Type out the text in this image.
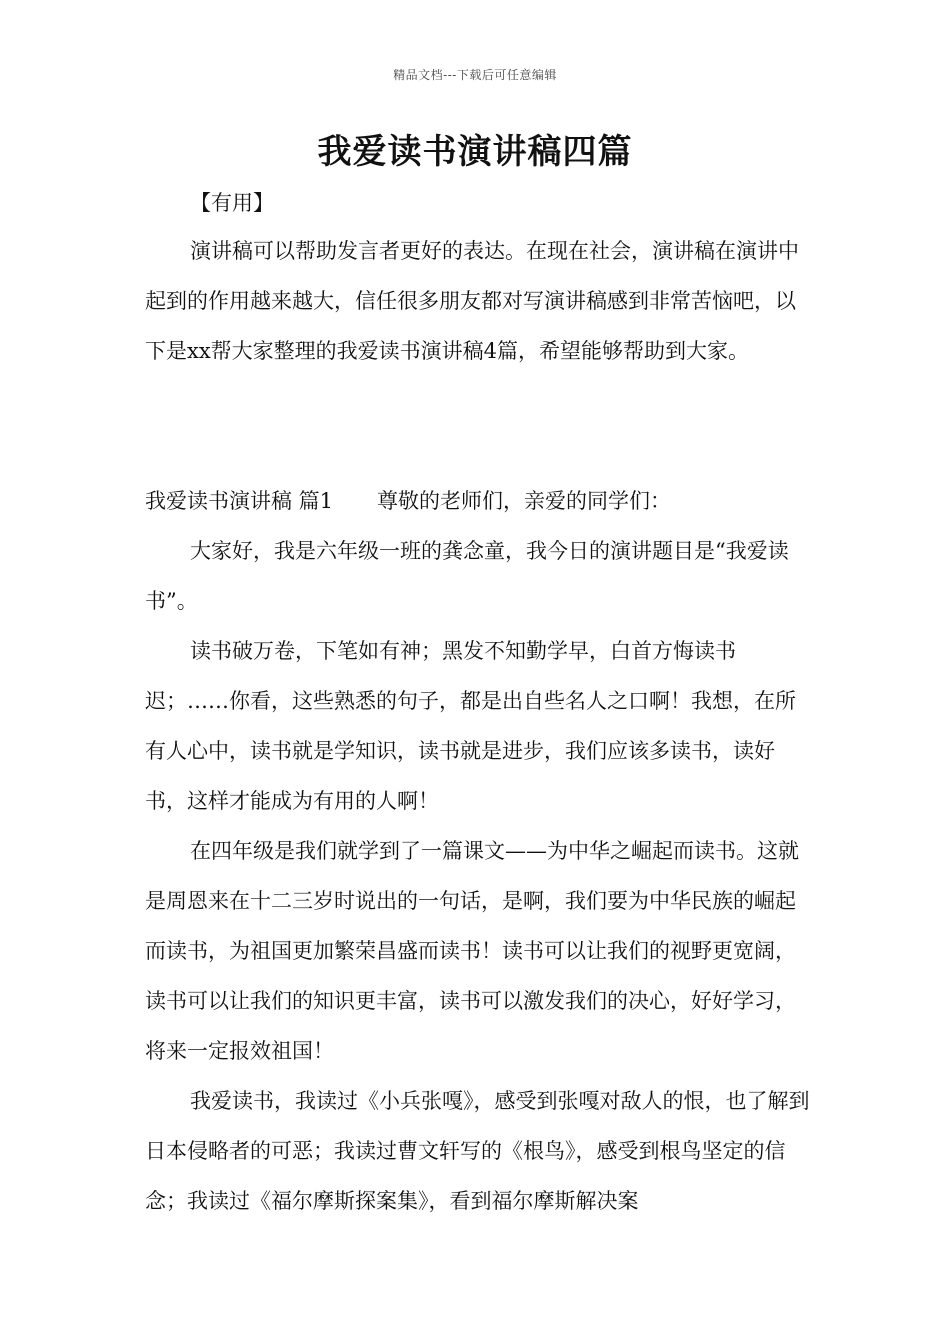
精品文档---下载后可任意编辑
我爱读书演讲稿四篇

【有用】

演讲稿可以帮助发言者更好的表达。在现在社会，演讲稿在演讲中起到的作用越来越大，信任很多朋友都对写演讲稿感到非常苦恼吧，以下是xx帮大家整理的我爱读书演讲稿4篇，希望能够帮助到大家。

我爱读书演讲稿 篇1 尊敬的老师们，亲爱的同学们：

大家好，我是六年级一班的龚念童，我今日的演讲题目是“我爱读书”。

读书破万卷，下笔如有神；黑发不知勤学早，白首方悔读书迟；……你看，这些熟悉的句子，都是出自些名人之口啊！我想，在所有人心中，读书就是学知识，读书就是进步，我们应该多读书，读好书，这样才能成为有用的人啊！

在四年级是我们就学到了一篇课文——为中华之崛起而读书。这就是周恩来在十二三岁时说出的一句话，是啊，我们要为中华民族的崛起而读书，为祖国更加繁荣昌盛而读书！读书可以让我们的视野更宽阔，读书可以让我们的知识更丰富，读书可以激发我们的决心，好好学习，将来一定报效祖国！

我爱读书，我读过《小兵张嘎》，感受到张嘎对敌人的恨，也了解到日本侵略者的可恶；我读过曹文轩写的《根鸟》，感受到根鸟坚定的信念；我读过《福尔摩斯探案集》，看到福尔摩斯解决案
